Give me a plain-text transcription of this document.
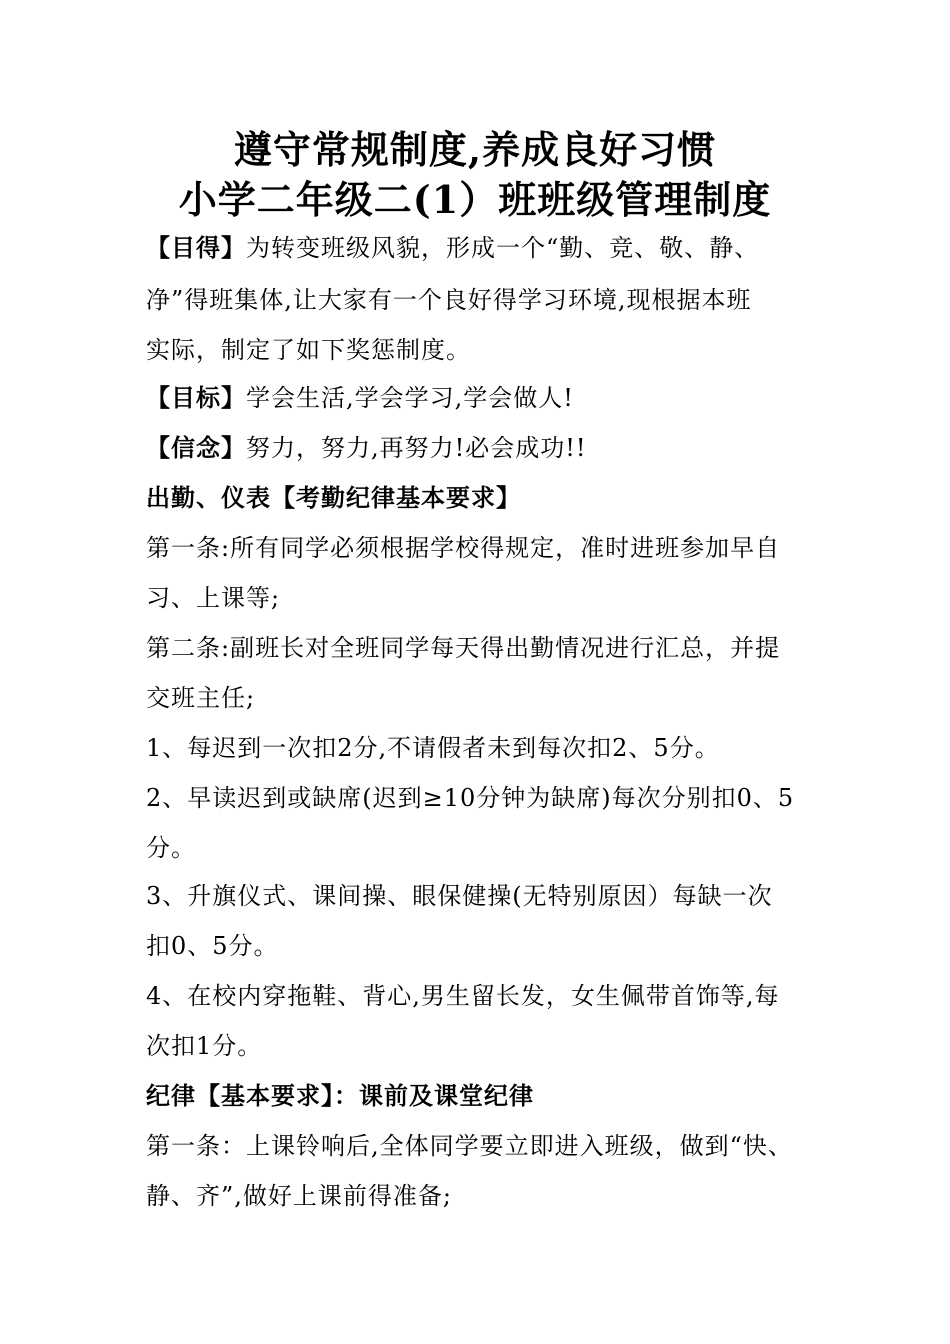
遵守常规制度,养成良好习惯
小学二年级二(1）班班级管理制度

【目得】为转变班级风貌，形成一个“勤、竞、敬、静、

净”得班集体,让大家有一个良好得学习环境,现根据本班

实际，制定了如下奖惩制度。

【目标】学会生活,学会学习,学会做人!

【信念】努力，努力,再努力!必会成功!!

出勤、仪表【考勤纪律基本要求】

第一条:所有同学必须根据学校得规定，准时进班参加早自

习、上课等;

第二条:副班长对全班同学每天得出勤情况进行汇总，并提

交班主任;

1、每迟到一次扣2分,不请假者未到每次扣2、5分。

2、早读迟到或缺席(迟到≥10分钟为缺席)每次分别扣0、5

分。

3、升旗仪式、课间操、眼保健操(无特别原因）每缺一次

扣0、5分。

4、在校内穿拖鞋、背心,男生留长发，女生佩带首饰等,每

次扣1分。

纪律【基本要求】：课前及课堂纪律

第一条：上课铃响后,全体同学要立即进入班级，做到“快、

静、齐”,做好上课前得准备;
